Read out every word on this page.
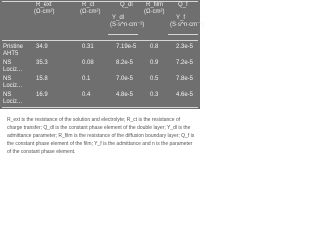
R_ext
(Ω·cm²)
R_ct
(Ω·cm²)
Q_dl
Y_dl
(S·s^n·cm⁻²)
R_film
(Ω·cm²)
Q_f
Y_f
(S·s^n·cm⁻²)
Pristine 34.9	0.31	7.19e-5 0.8	2.3e-5
AHT5
NS	35.3	0.08	8.2e-5	0.9	7.2e-5
Lociz...
NS	15.8	0.1	7.0e-5	0.5	7.8e-5
Lociz...
NS	16.9	0.4	4.8e-5	0.3	4.6e-5
Lociz...
R_ext is the resistance of the solution and electrolyte; R_ct is the resistance of charge transfer; Q_dl is the constant phase element of the double layer; Y_dl is the admittance parameter; R_film is the resistance of the diffusion boundary layer; Q_f is the constant phase element of the film; Y_f is the admittance and n is the parameter of the constant phase element.
